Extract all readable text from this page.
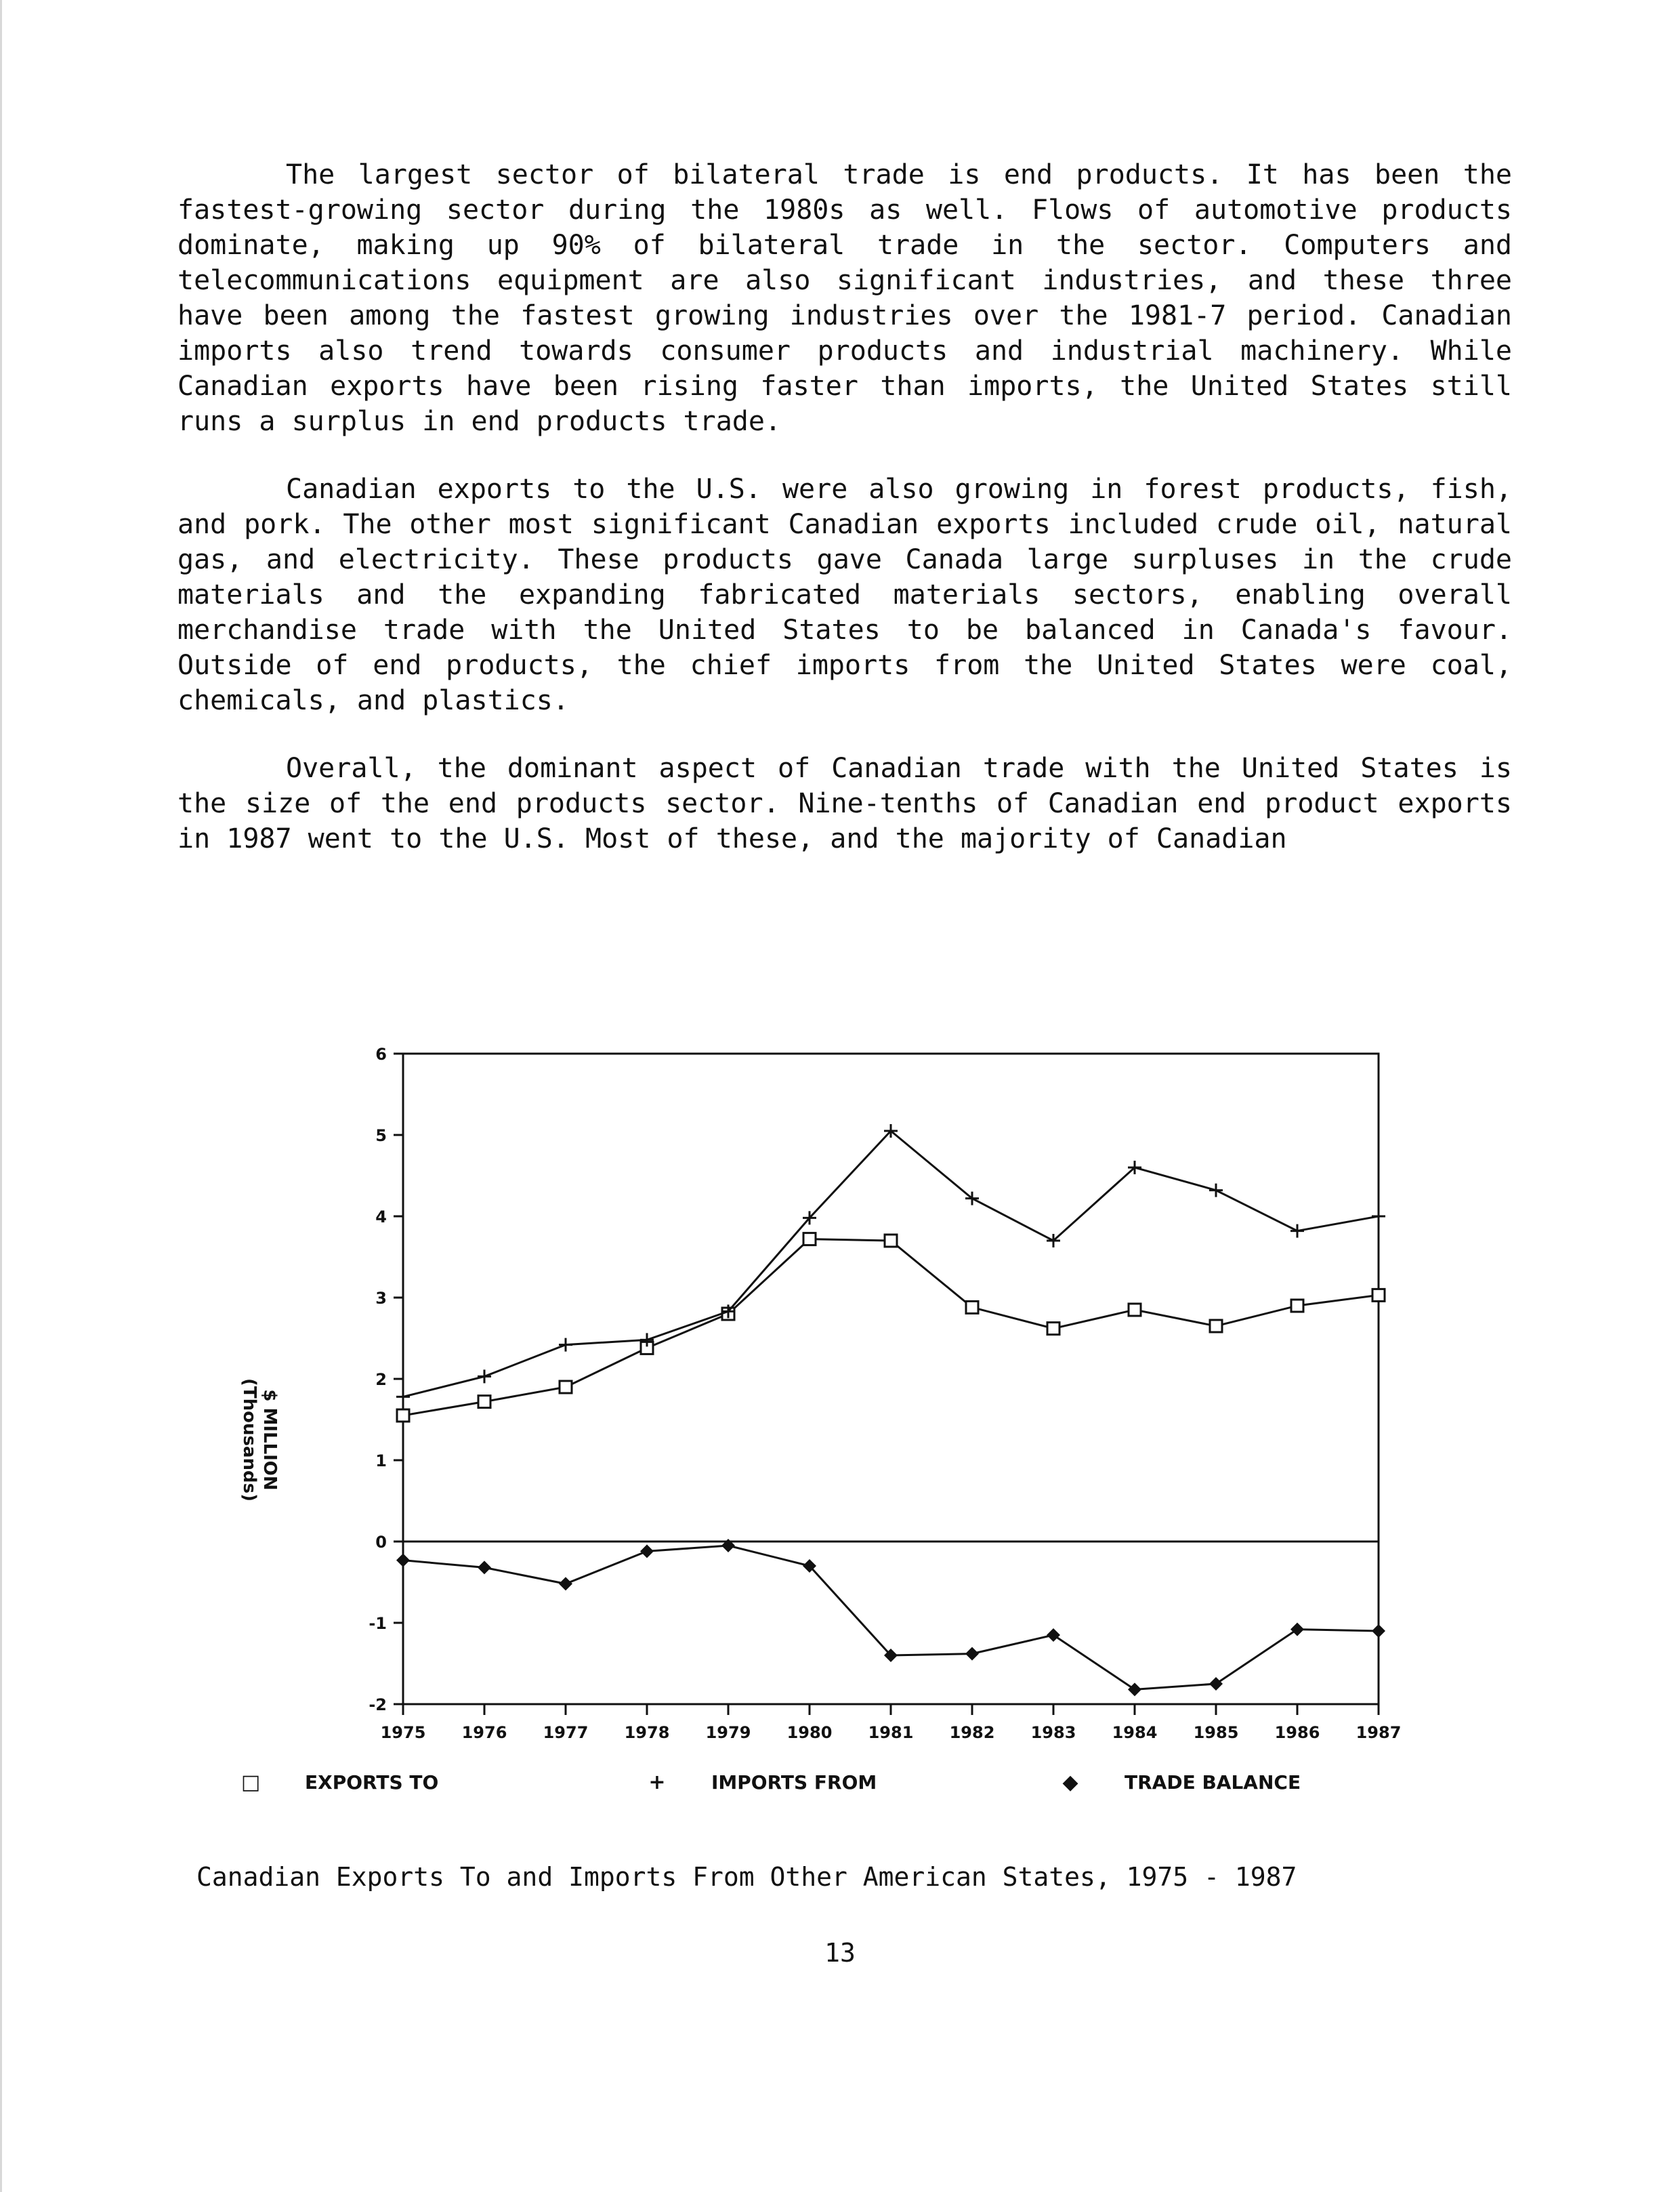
The largest sector of bilateral trade is end products. It has been the fastest-growing sector during the 1980s as well. Flows of automotive products dominate, making up 90% of bilateral trade in the sector. Computers and telecommunications equipment are also significant industries, and these three have been among the fastest growing industries over the 1981-7 period. Canadian imports also trend towards consumer products and industrial machinery. While Canadian exports have been rising faster than imports, the United States still runs a surplus in end products trade.

Canadian exports to the U.S. were also growing in forest products, fish, and pork. The other most significant Canadian exports included crude oil, natural gas, and electricity. These products gave Canada large surpluses in the crude materials and the expanding fabricated materials sectors, enabling overall merchandise trade with the United States to be balanced in Canada's favour. Outside of end products, the chief imports from the United States were coal, chemicals, and plastics.

Overall, the dominant aspect of Canadian trade with the United States is the size of the end products sector. Nine-tenths of Canadian end product exports in 1987 went to the U.S. Most of these, and the majority of Canadian

6
5
4
3
2
1
0
-1
-2
1975 1976 1977 1978 1979 1980 1981 1982 1983 1984 1985 1986 1987
$ MILLION
(Thousands)
□ EXPORTS TO	+ IMPORTS FROM	◆ TRADE BALANCE
Canadian Exports To and Imports From Other American States, 1975 - 1987
13
